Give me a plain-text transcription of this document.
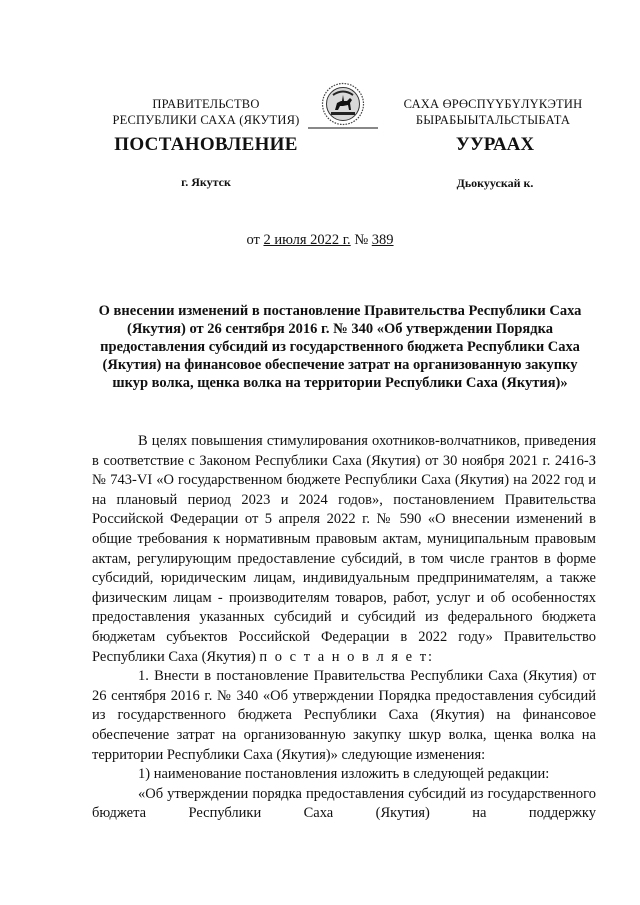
ПРАВИТЕЛЬСТВО
РЕСПУБЛИКИ САХА (ЯКУТИЯ)
САХА ӨРӨСПҮҮБҮЛҮКЭТИН
БЫРАБЫЫТАЛЬСТЫБАТА
ПОСТАНОВЛЕНИЕ	УУРААХ
г. Якутск	Дьокуускай к.
от 2 июля 2022 г. № 389
О внесении изменений в постановление Правительства Республики Саха (Якутия) от 26 сентября 2016 г. № 340 «Об утверждении Порядка предоставления субсидий из государственного бюджета Республики Саха (Якутия) на финансовое обеспечение затрат на организованную закупку шкур волка, щенка волка на территории Республики Саха (Якутия)»

В целях повышения стимулирования охотников-волчатников, приведения в соответствие с Законом Республики Саха (Якутия) от 30 ноября 2021 г. 2416-З № 743-VI «О государственном бюджете Республики Саха (Якутия) на 2022 год и на плановый период 2023 и 2024 годов», постановлением Правительства Российской Федерации от 5 апреля 2022 г. № 590 «О внесении изменений в общие требования к нормативным правовым актам, муниципальным правовым актам, регулирующим предоставление субсидий, в том числе грантов в форме субсидий, юридическим лицам, индивидуальным предпринимателям, а также физическим лицам - производителям товаров, работ, услуг и об особенностях предоставления указанных субсидий и субсидий из федерального бюджета бюджетам субъектов Российской Федерации в 2022 году» Правительство Республики Саха (Якутия) п о с т а н о в л я е т:

1. Внести в постановление Правительства Республики Саха (Якутия) от 26 сентября 2016 г. № 340 «Об утверждении Порядка предоставления субсидий из государственного бюджета Республики Саха (Якутия) на финансовое обеспечение затрат на организованную закупку шкур волка, щенка волка на территории Республики Саха (Якутия)» следующие изменения:

1) наименование постановления изложить в следующей редакции:

«Об утверждении порядка предоставления субсидий из государственного бюджета Республики Саха (Якутия) на поддержку
